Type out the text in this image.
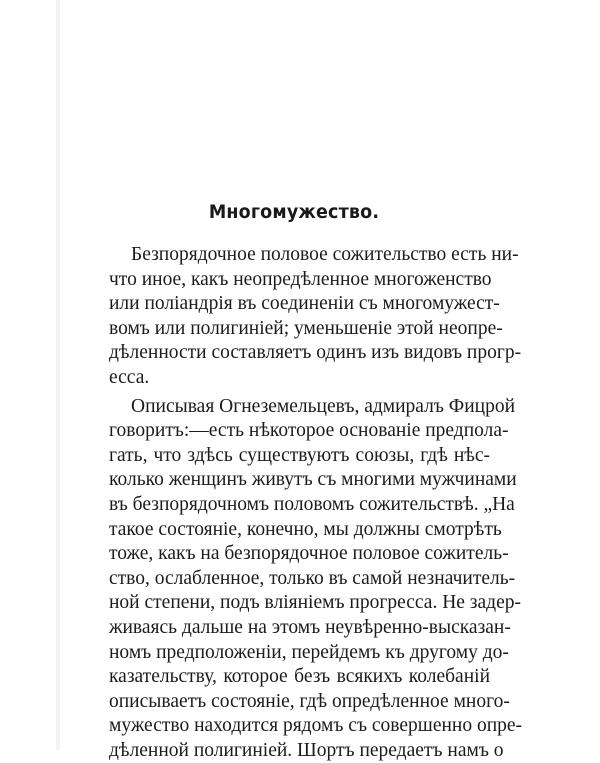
Многомужество.
Безпорядочное половое сожительство есть ни-
что иное, какъ неопредѣленное многоженство
или поліандрія въ соединеніи съ многомужест-
вомъ или полигиніей; уменьшеніе этой неопре-
дѣленности составляетъ одинъ изъ видовъ прогр-
есса.
Описывая Огнеземельцевъ, адмиралъ Фицрой
говоритъ:—есть нѣкоторое основаніе предпола-
гать, что здѣсь существуютъ союзы, гдѣ нѣс-
колько женщинъ живутъ съ многими мужчинами
въ безпорядочномъ половомъ сожительствѣ. „На
такое состояніе, конечно, мы должны смотрѣть
тоже, какъ на безпорядочное половое сожитель-
ство, ослабленное, только въ самой незначитель-
ной степени, подъ вліяніемъ прогресса. Не задер-
живаясь дальше на этомъ неувѣренно-высказан-
номъ предположеніи, перейдемъ къ другому до-
казательству, которое безъ всякихъ колебаній
описываетъ состояніе, гдѣ опредѣленное много-
мужество находится рядомъ съ совершенно опре-
дѣленной полигиніей. Шортъ передаетъ намъ о
